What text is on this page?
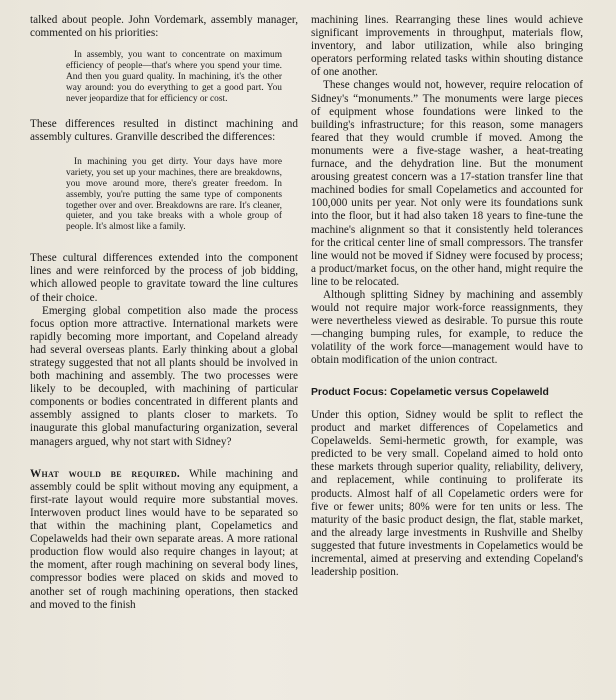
talked about people. John Vordemark, assembly manager, commented on his priorities:

In assembly, you want to concentrate on maximum efficiency of people—that's where you spend your time. And then you guard quality. In machining, it's the other way around: you do everything to get a good part. You never jeopardize that for efficiency or cost.

These differences resulted in distinct machining and assembly cultures. Granville described the differences:

In machining you get dirty. Your days have more variety, you set up your machines, there are breakdowns, you move around more, there's greater freedom. In assembly, you're putting the same type of components together over and over. Breakdowns are rare. It's cleaner, quieter, and you take breaks with a whole group of people. It's almost like a family.

These cultural differences extended into the component lines and were reinforced by the process of job bidding, which allowed people to gravitate toward the line cultures of their choice.

Emerging global competition also made the process focus option more attractive. International markets were rapidly becoming more important, and Copeland already had several overseas plants. Early thinking about a global strategy suggested that not all plants should be involved in both machining and assembly. The two processes were likely to be decoupled, with machining of particular components or bodies concentrated in different plants and assembly assigned to plants closer to markets. To inaugurate this global manufacturing organization, several managers argued, why not start with Sidney?

What would be required. While machining and assembly could be split without moving any equipment, a first-rate layout would require more substantial moves. Interwoven product lines would have to be separated so that within the machining plant, Copelametics and Copelawelds had their own separate areas. A more rational production flow would also require changes in layout; at the moment, after rough machining on several body lines, compressor bodies were placed on skids and moved to another set of rough machining operations, then stacked and moved to the finish

machining lines. Rearranging these lines would achieve significant improvements in throughput, materials flow, inventory, and labor utilization, while also bringing operators performing related tasks within shouting distance of one another.

These changes would not, however, require relocation of Sidney's “monuments.” The monuments were large pieces of equipment whose foundations were linked to the building's infrastructure; for this reason, some managers feared that they would crumble if moved. Among the monuments were a five-stage washer, a heat-treating furnace, and the dehydration line. But the monument arousing greatest concern was a 17-station transfer line that machined bodies for small Copelametics and accounted for 100,000 units per year. Not only were its foundations sunk into the floor, but it had also taken 18 years to fine-tune the machine's alignment so that it consistently held tolerances for the critical center line of small compressors. The transfer line would not be moved if Sidney were focused by process; a product/market focus, on the other hand, might require the line to be relocated.

Although splitting Sidney by machining and assembly would not require major work-force reassignments, they were nevertheless viewed as desirable. To pursue this route—changing bumping rules, for example, to reduce the volatility of the work force—management would have to obtain modification of the union contract.

Product Focus: Copelametic versus Copelaweld

Under this option, Sidney would be split to reflect the product and market differences of Copelametics and Copelawelds. Semi-hermetic growth, for example, was predicted to be very small. Copeland aimed to hold onto these markets through superior quality, reliability, delivery, and replacement, while continuing to proliferate its products. Almost half of all Copelametic orders were for five or fewer units; 80% were for ten units or less. The maturity of the basic product design, the flat, stable market, and the already large investments in Rushville and Shelby suggested that future investments in Copelametics would be incremental, aimed at preserving and extending Copeland's leadership position.
